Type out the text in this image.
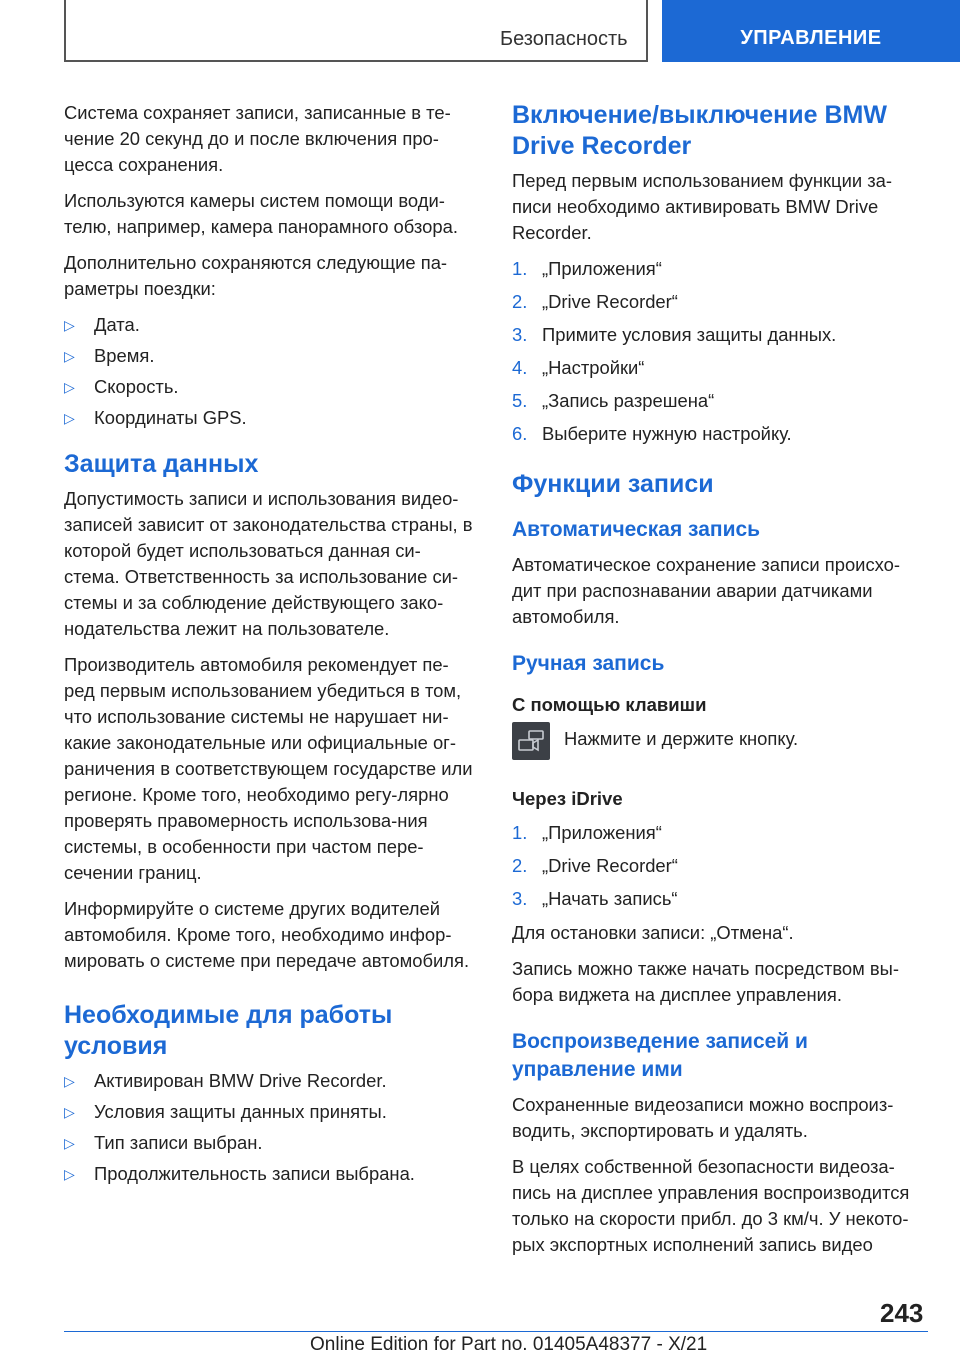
Безопасность	УПРАВЛЕНИЕ

Система сохраняет записи, записанные в те-чение 20 секунд до и после включения про-цесса сохранения.

Используются камеры систем помощи води-телю, например, камера панорамного обзора.

Дополнительно сохраняются следующие па-раметры поездки:

▷ Дата.
▷ Время.
▷ Скорость.
▷ Координаты GPS.
Защита данных

Допустимость записи и использования видео-записей зависит от законодательства страны, в которой будет использоваться данная си-стема. Ответственность за использование си-стемы и за соблюдение действующего зако-нодательства лежит на пользователе.

Производитель автомобиля рекомендует пе-ред первым использованием убедиться в том, что использование системы не нарушает ни-какие законодательные или официальные ог-раничения в соответствующем государстве или регионе. Кроме того, необходимо регу-лярно проверять правомерность использова-ния системы, в особенности при частом пере-сечении границ.

Информируйте о системе других водителей автомобиля. Кроме того, необходимо инфор-мировать о системе при передаче автомобиля.

Необходимые для работы условия
▷ Активирован BMW Drive Recorder.
▷ Условия защиты данных приняты.
▷ Тип записи выбран.
▷ Продолжительность записи выбрана.
Включение/выключение BMW Drive Recorder

Перед первым использованием функции за-писи необходимо активировать BMW Drive Recorder.

1. „Приложения“
2. „Drive Recorder“
3. Примите условия защиты данных.
4. „Настройки“
5. „Запись разрешена“
6. Выберите нужную настройку.
Функции записи
Автоматическая запись

Автоматическое сохранение записи происхо-дит при распознавании аварии датчиками автомобиля.

Ручная запись
С помощью клавиши
Нажмите и держите кнопку.
Через iDrive
1. „Приложения“
2. „Drive Recorder“
3. „Начать запись“

Для остановки записи: „Отмена“.

Запись можно также начать посредством вы-бора виджета на дисплее управления.

Воспроизведение записей и управление ими

Сохраненные видеозаписи можно воспроиз-водить, экспортировать и удалять.

В целях собственной безопасности видеоза-пись на дисплее управления воспроизводится только на скорости прибл. до 3 км/ч. У некото-рых экспортных исполнений запись видео

243
Online Edition for Part no. 01405A48377 - X/21
